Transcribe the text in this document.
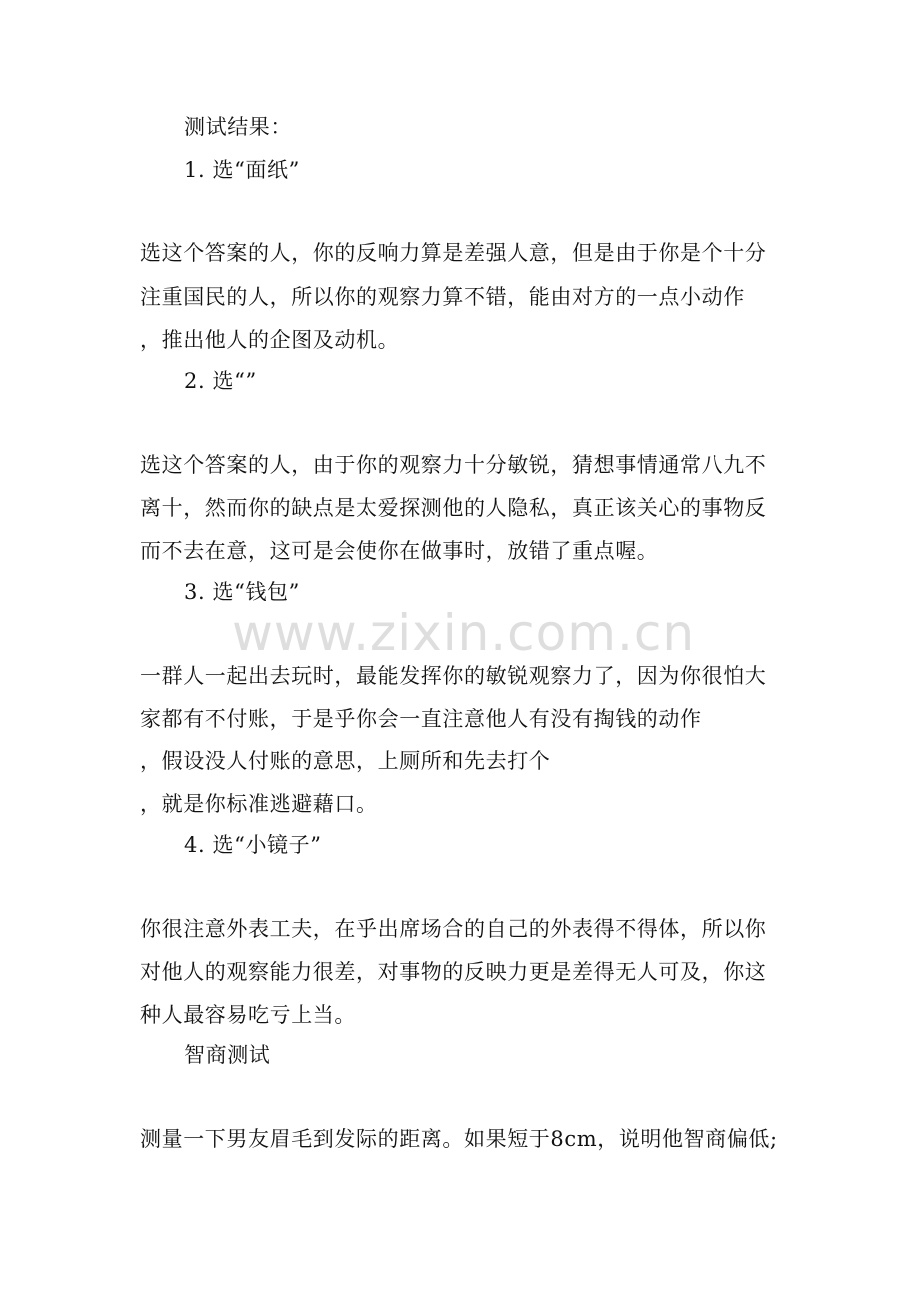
www.zixin.com.cn
测试结果：
1. 选“面纸”
选这个答案的人，你的反响力算是差强人意，但是由于你是个十分
注重国民的人，所以你的观察力算不错，能由对方的一点小动作
，推出他人的企图及动机。
2. 选“”
选这个答案的人，由于你的观察力十分敏锐，猜想事情通常八九不
离十，然而你的缺点是太爱探测他的人隐私，真正该关心的事物反
而不去在意，这可是会使你在做事时，放错了重点喔。
3. 选“钱包”
一群人一起出去玩时，最能发挥你的敏锐观察力了，因为你很怕大
家都有不付账，于是乎你会一直注意他人有没有掏钱的动作
，假设没人付账的意思，上厕所和先去打个
，就是你标准逃避藉口。
4. 选“小镜子”
你很注意外表工夫，在乎出席场合的自己的外表得不得体，所以你
对他人的观察能力很差，对事物的反映力更是差得无人可及，你这
种人最容易吃亏上当。
智商测试
测量一下男友眉毛到发际的距离。如果短于8cm，说明他智商偏低;
